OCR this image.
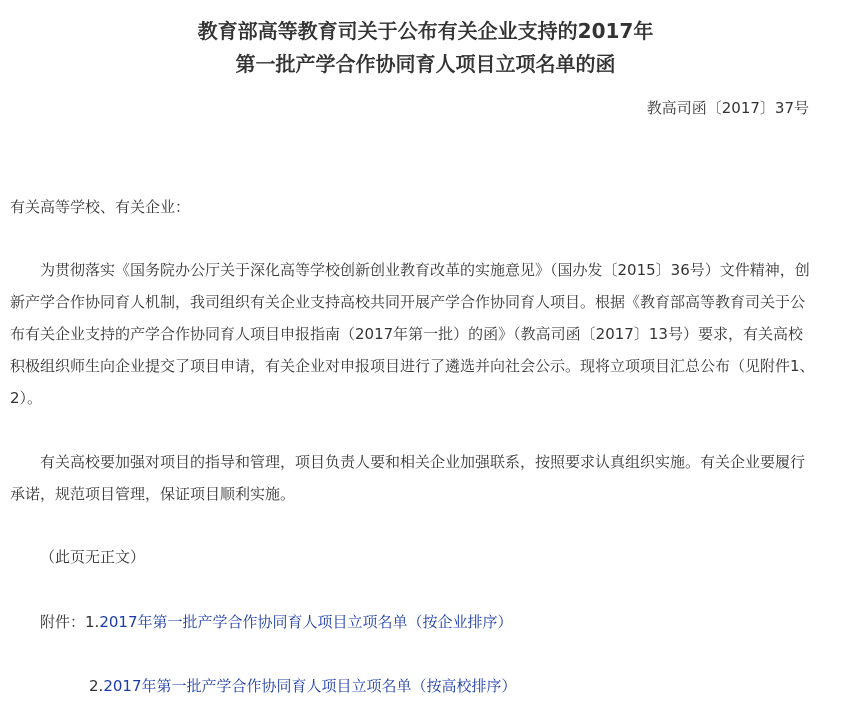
教育部高等教育司关于公布有关企业支持的2017年
第一批产学合作协同育人项目立项名单的函
教高司函〔2017〕37号

有关高等学校、有关企业：

为贯彻落实《国务院办公厅关于深化高等学校创新创业教育改革的实施意见》（国办发〔2015〕36号）文件精神，创新产学合作协同育人机制，我司组织有关企业支持高校共同开展产学合作协同育人项目。根据《教育部高等教育司关于公布有关企业支持的产学合作协同育人项目申报指南（2017年第一批）的函》（教高司函〔2017〕13号）要求，有关高校积极组织师生向企业提交了项目申请，有关企业对申报项目进行了遴选并向社会公示。现将立项项目汇总公布（见附件1、2）。

有关高校要加强对项目的指导和管理，项目负责人要和相关企业加强联系，按照要求认真组织实施。有关企业要履行承诺，规范项目管理，保证项目顺利实施。

（此页无正文）

附件：1.2017年第一批产学合作协同育人项目立项名单（按企业排序）

2.2017年第一批产学合作协同育人项目立项名单（按高校排序）
